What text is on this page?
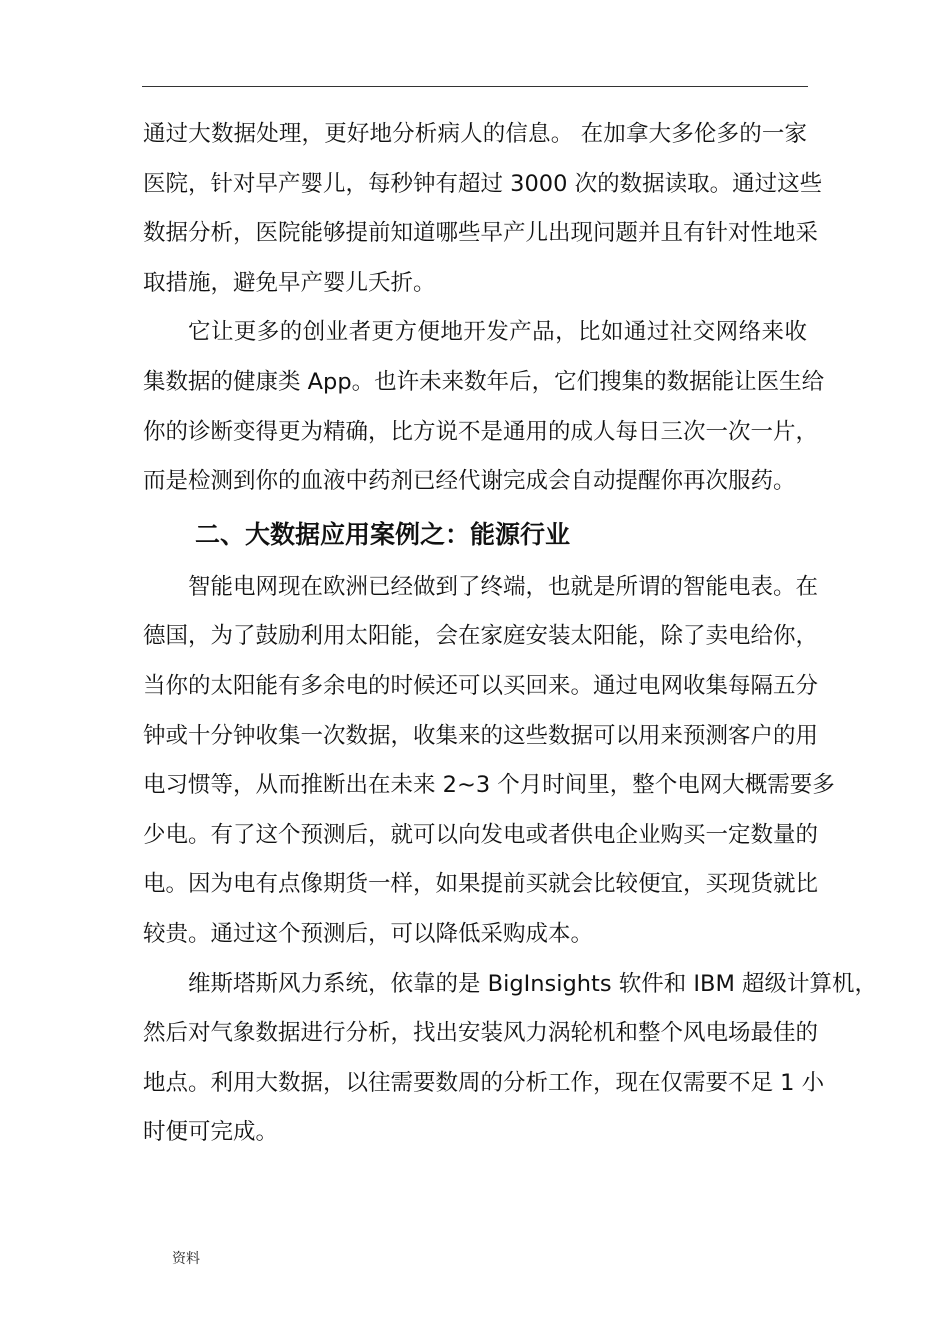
通过大数据处理，更好地分析病人的信息。 在加拿大多伦多的一家
医院，针对早产婴儿，每秒钟有超过 3000 次的数据读取。通过这些
数据分析，医院能够提前知道哪些早产儿出现问题并且有针对性地采
取措施，避免早产婴儿夭折。

它让更多的创业者更方便地开发产品，比如通过社交网络来收
集数据的健康类 App。也许未来数年后，它们搜集的数据能让医生给
你的诊断变得更为精确，比方说不是通用的成人每日三次一次一片，
而是检测到你的血液中药剂已经代谢完成会自动提醒你再次服药。

二、大数据应用案例之：能源行业

智能电网现在欧洲已经做到了终端，也就是所谓的智能电表。在
德国，为了鼓励利用太阳能，会在家庭安装太阳能，除了卖电给你，
当你的太阳能有多余电的时候还可以买回来。通过电网收集每隔五分
钟或十分钟收集一次数据，收集来的这些数据可以用来预测客户的用
电习惯等，从而推断出在未来 2~3 个月时间里，整个电网大概需要多
少电。有了这个预测后，就可以向发电或者供电企业购买一定数量的
电。因为电有点像期货一样，如果提前买就会比较便宜，买现货就比
较贵。通过这个预测后，可以降低采购成本。

维斯塔斯风力系统，依靠的是 BigInsights 软件和 IBM 超级计算机，
然后对气象数据进行分析，找出安装风力涡轮机和整个风电场最佳的
地点。利用大数据，以往需要数周的分析工作，现在仅需要不足 1 小
时便可完成。

资料
